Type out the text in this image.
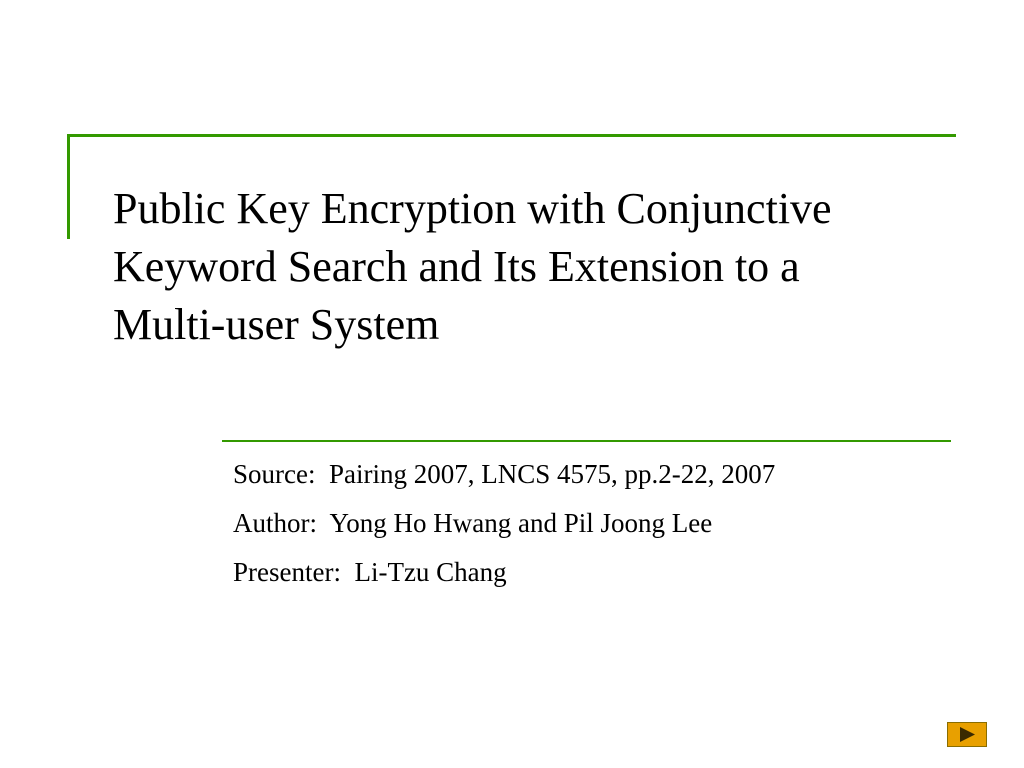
Public Key Encryption with Conjunctive
Keyword Search and Its Extension to a
Multi-user System
Source:  Pairing 2007, LNCS 4575, pp.2-22, 2007
Author:  Yong Ho Hwang and Pil Joong Lee
Presenter:  Li-Tzu Chang
